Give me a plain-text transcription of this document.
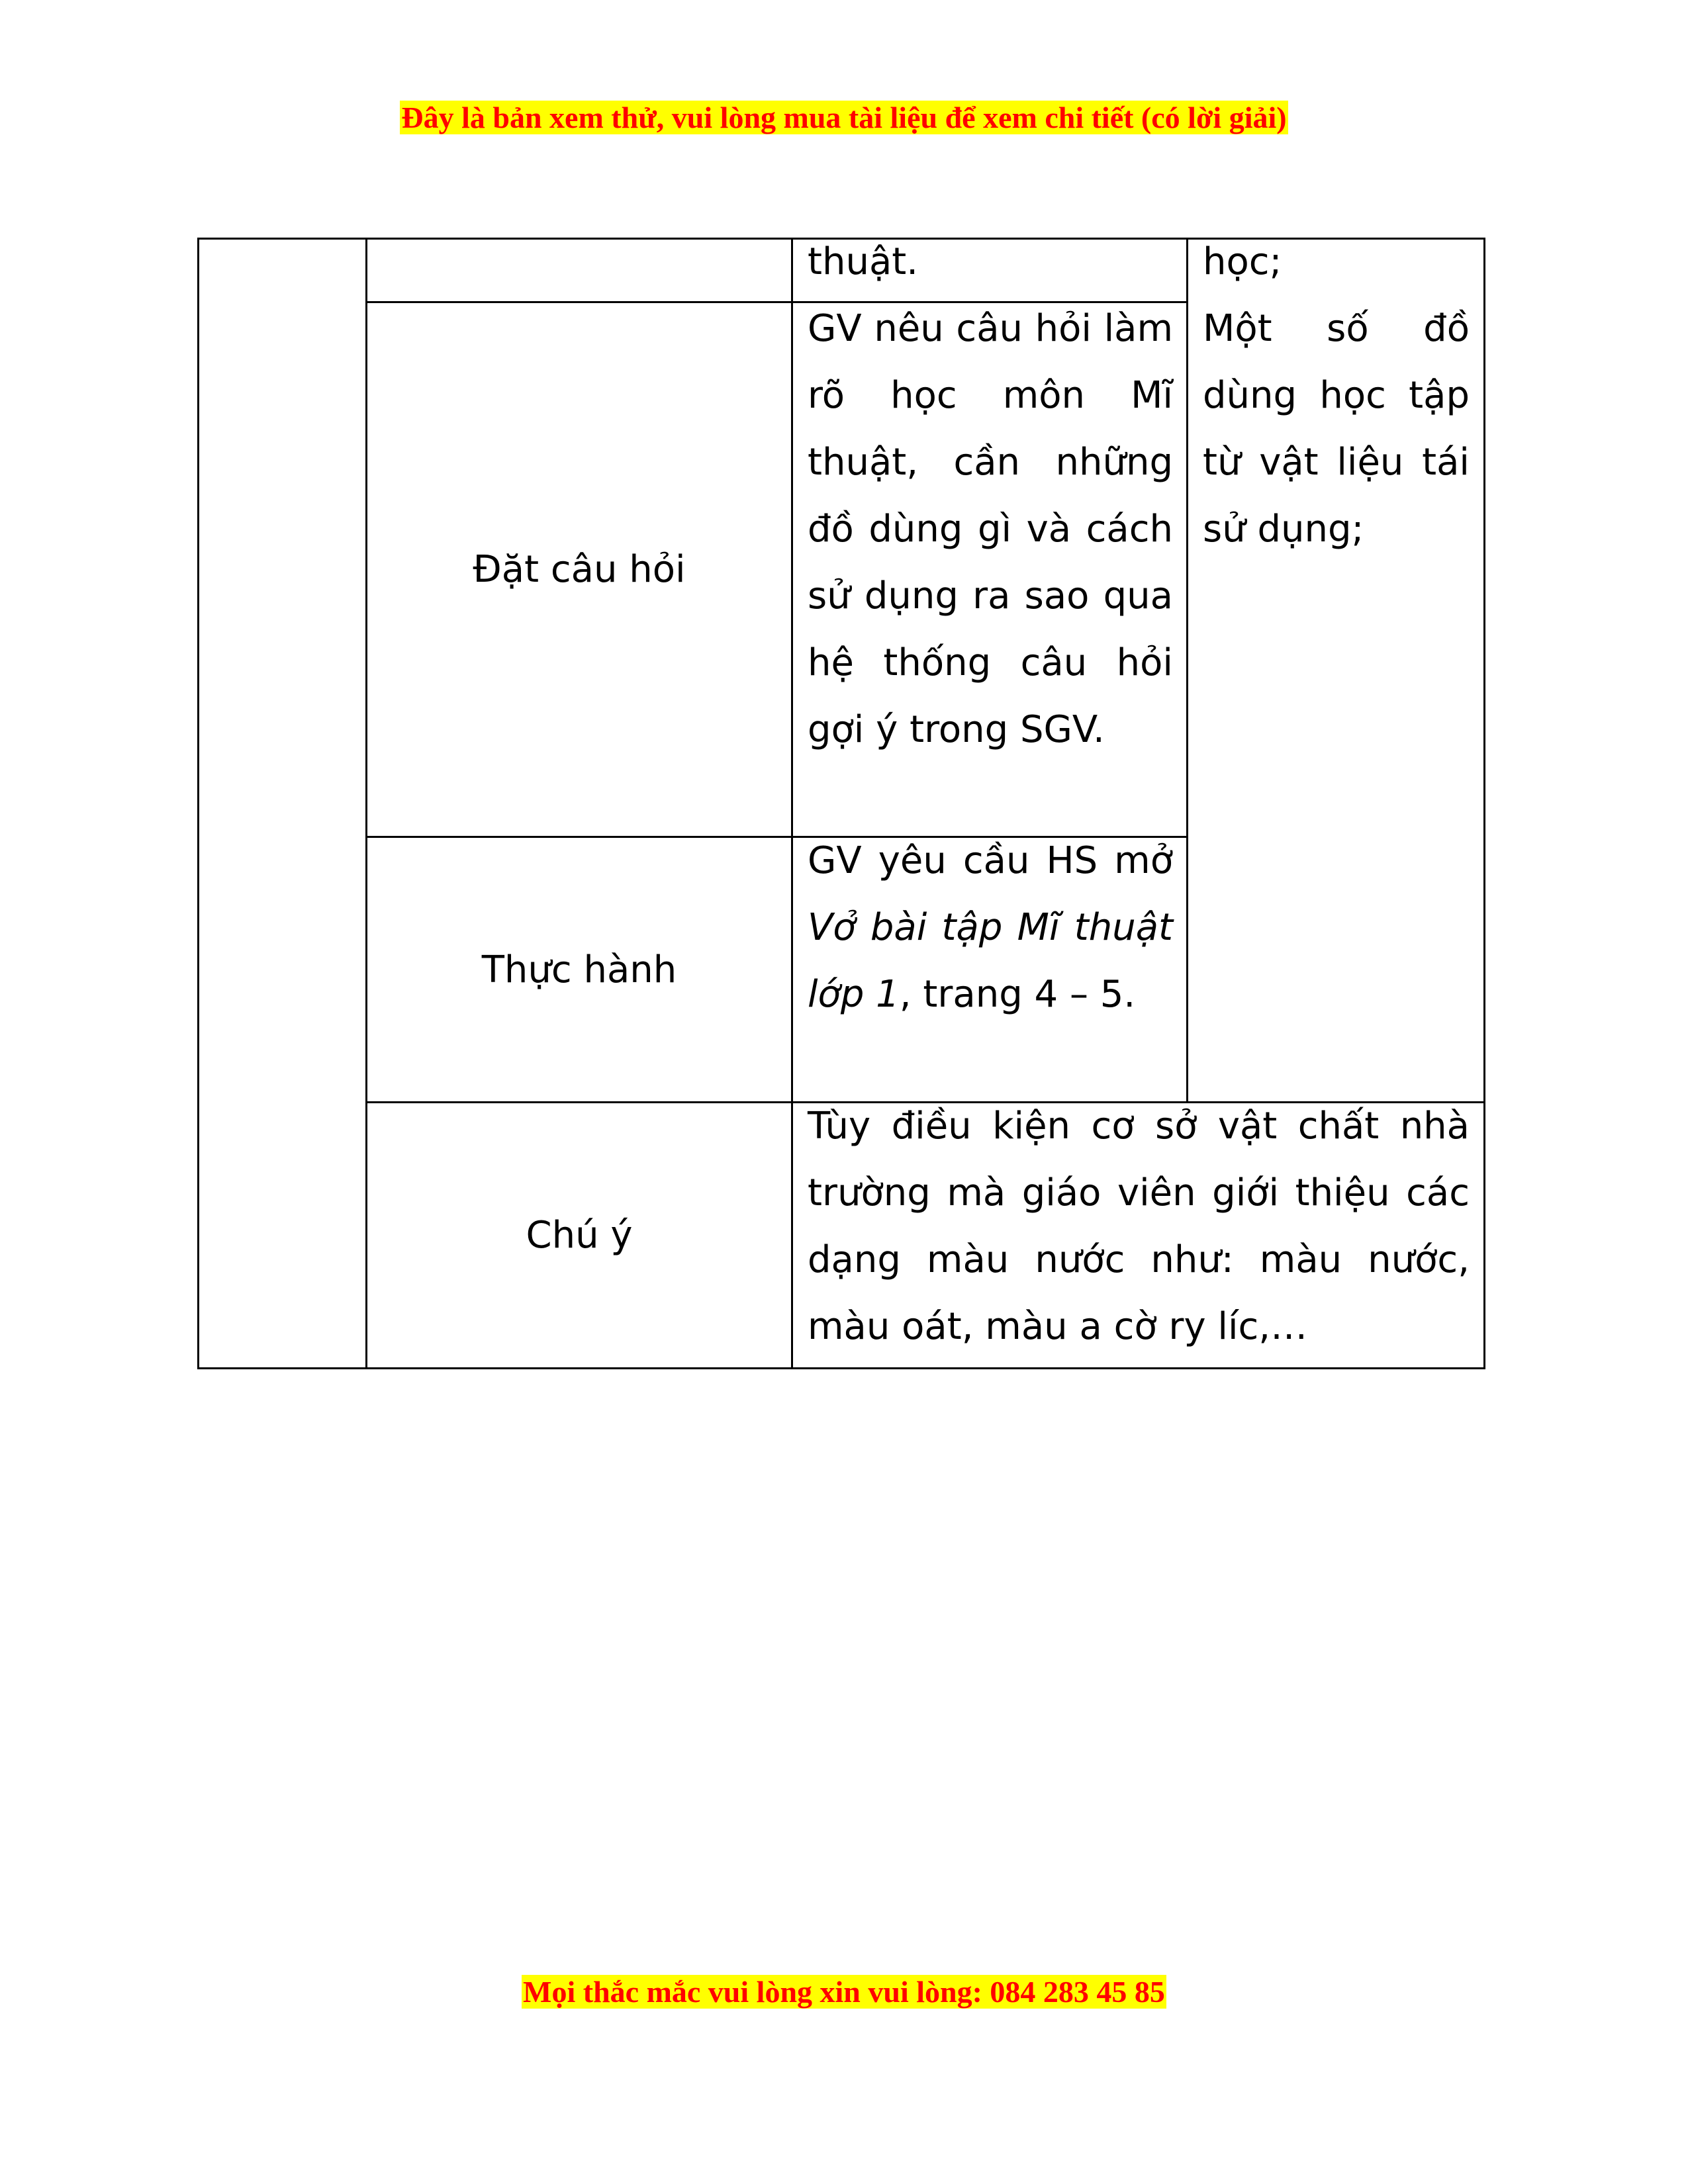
Đây là bản xem thử, vui lòng mua tài liệu để xem chi tiết (có lời giải)

thuật.	học;

Một số đồ dùng học tập từ vật liệu tái sử dụng;

Đặt câu hỏi

GV nêu câu hỏi làm rõ học môn Mĩ thuật, cần những đồ dùng gì và cách sử dụng ra sao qua hệ thống câu hỏi gợi ý trong SGV.

Thực hành

GV yêu cầu HS mở Vở bài tập Mĩ thuật lớp 1, trang 4 – 5.

Chú ý

Tùy điều kiện cơ sở vật chất nhà trường mà giáo viên giới thiệu các dạng màu nước như: màu nước, màu oát, màu a cờ ry líc,…

Mọi thắc mắc vui lòng xin vui lòng: 084 283 45 85
